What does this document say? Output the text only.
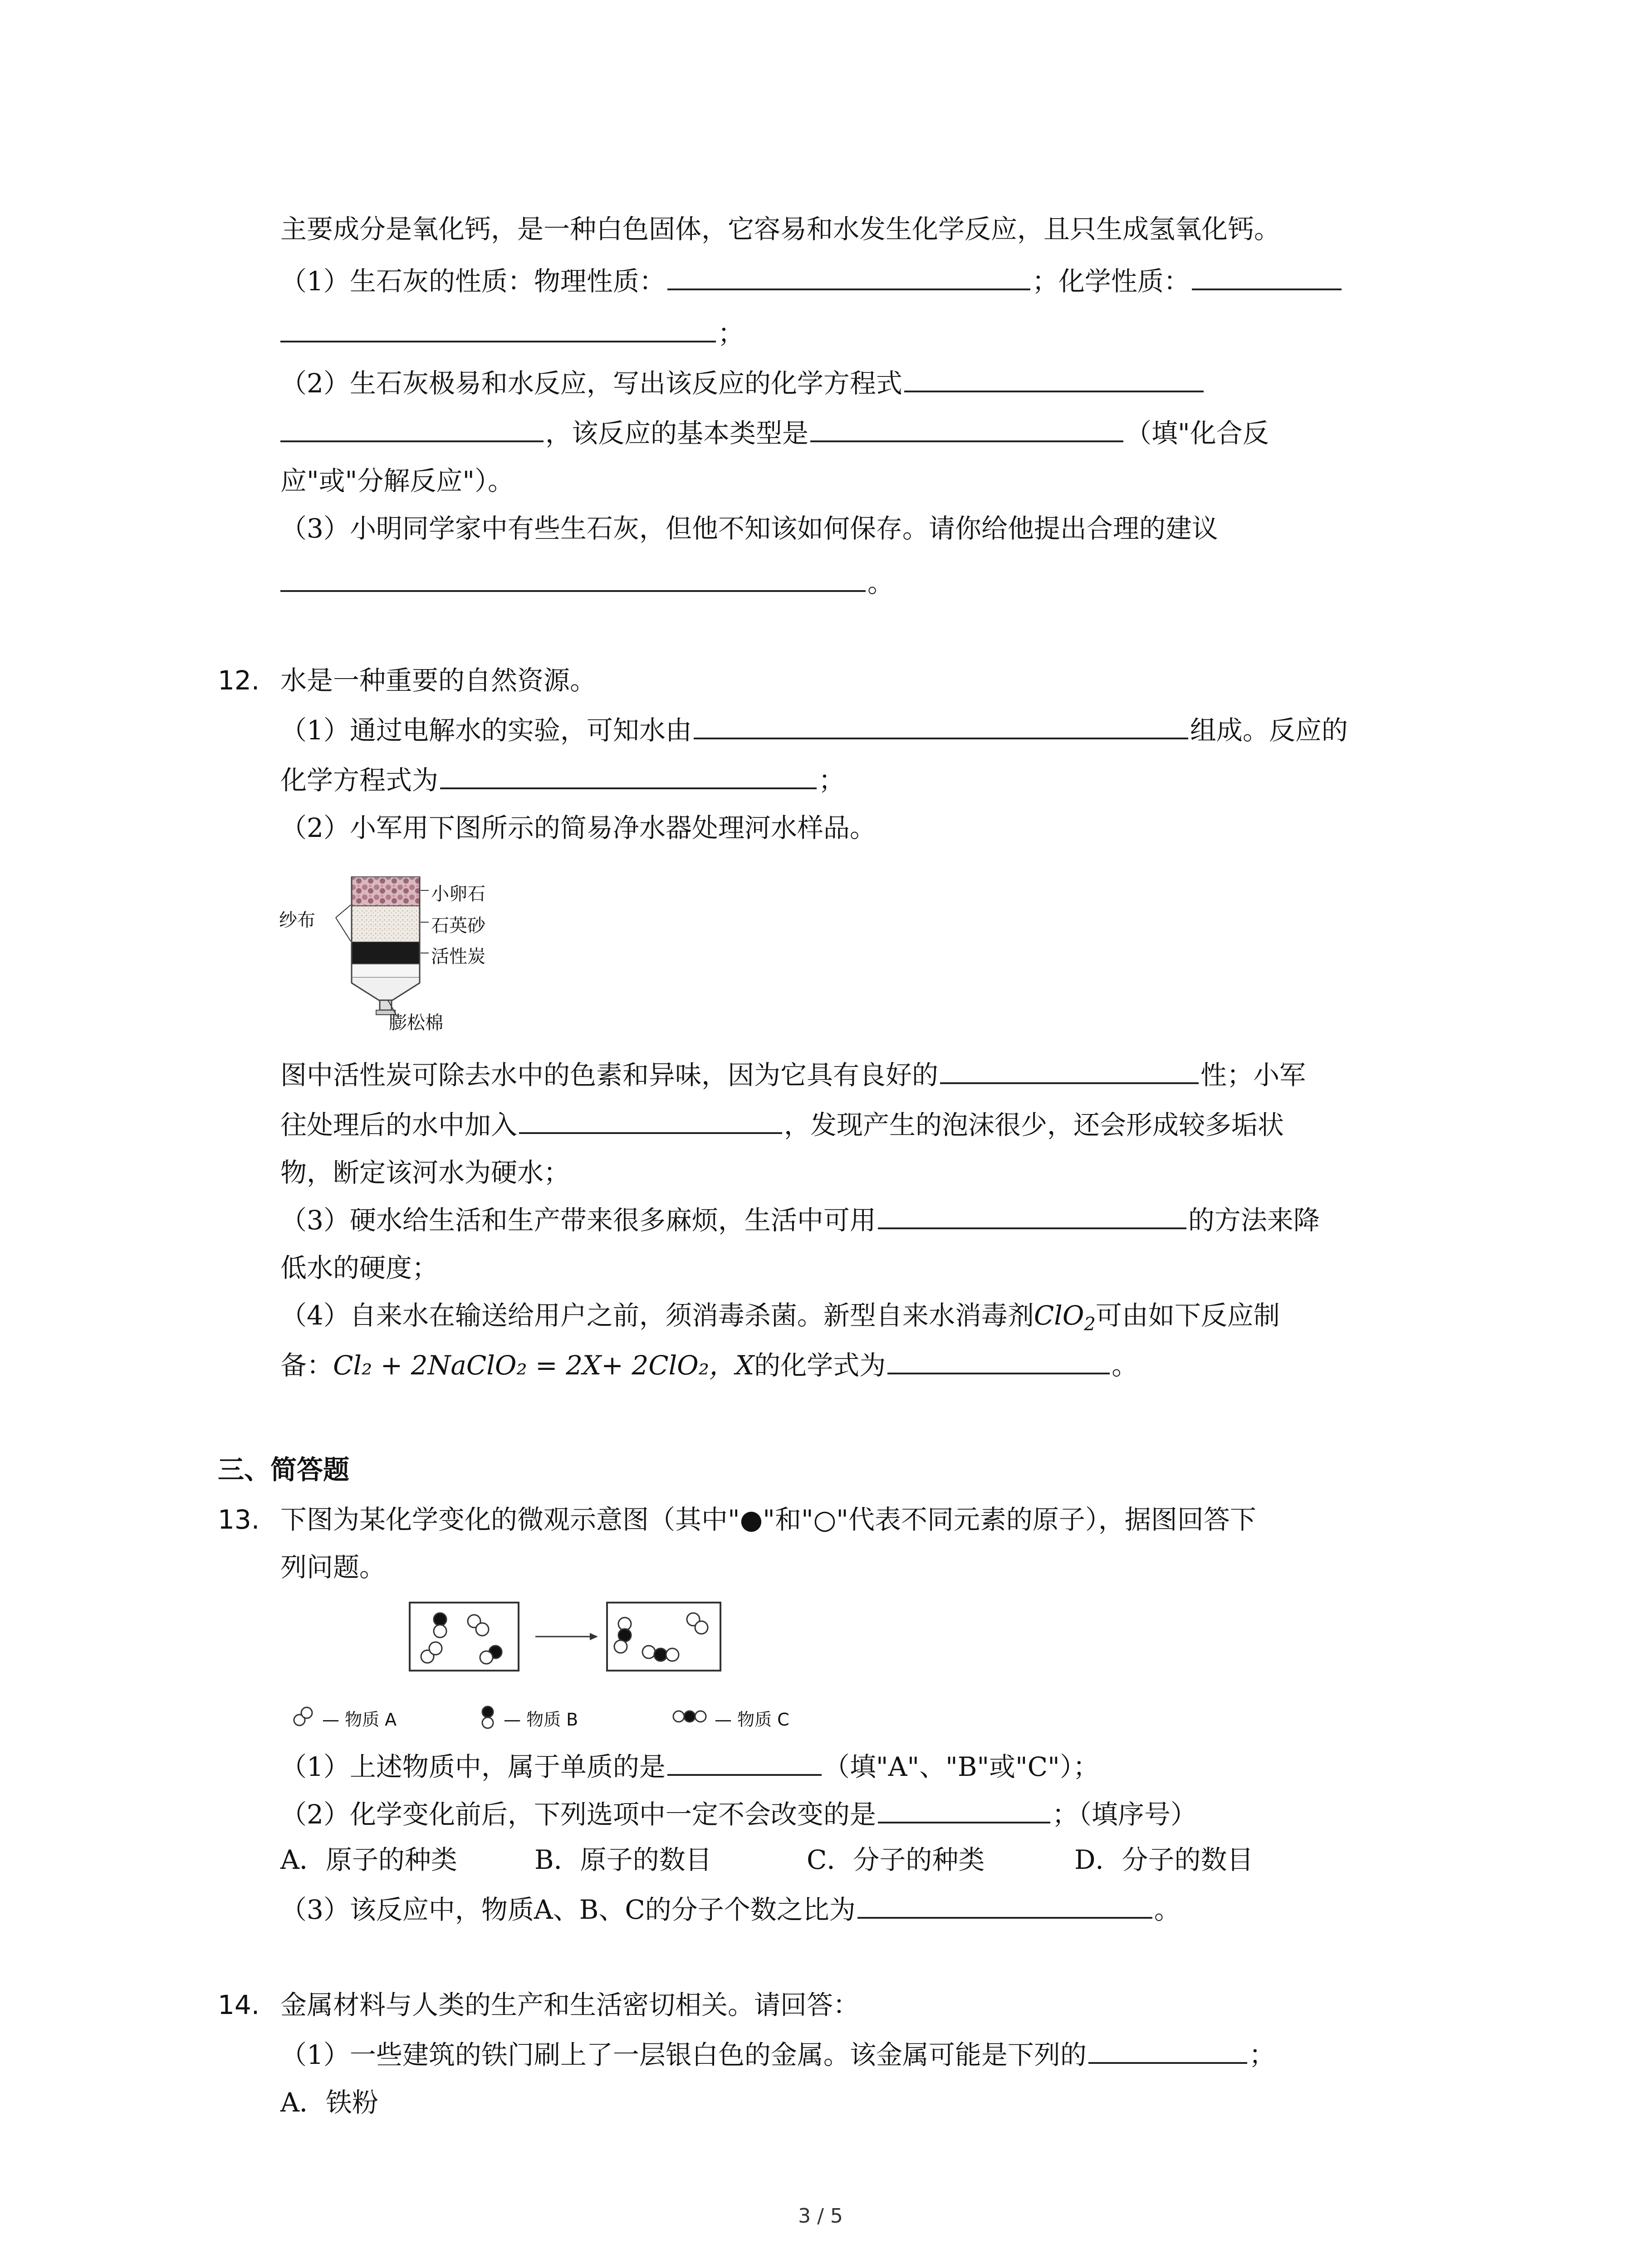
主要成分是氧化钙，是一种白色固体，它容易和水发生化学反应，且只生成氢氧化钙。
（1）生石灰的性质：物理性质：	；化学性质：
；
（2）生石灰极易和水反应，写出该反应的化学方程式
，该反应的基本类型是	（填"化合反
应"或"分解反应"）。
（3）小明同学家中有些生石灰，但他不知该如何保存。请你给他提出合理的建议
。
12. 水是一种重要的自然资源。
（1）通过电解水的实验，可知水由	组成。反应的
化学方程式为	；
（2）小军用下图所示的简易净水器处理河水样品。
纱布
小卵石
石英砂
活性炭
膨松棉
图中活性炭可除去水中的色素和异味，因为它具有良好的	性；小军
往处理后的水中加入	，发现产生的泡沫很少，还会形成较多垢状
物，断定该河水为硬水；
（3）硬水给生活和生产带来很多麻烦，生活中可用	的方法来降
低水的硬度；
（4）自来水在输送给用户之前，须消毒杀菌。新型自来水消毒剂ClO$_2$可由如下反应制
备：Cl₂ + 2NaClO₂ = 2X+ 2ClO₂，X的化学式为	。
三、简答题
13. 下图为某化学变化的微观示意图（其中"●"和"○"代表不同元素的原子），据图回答下
列问题。
— 物质 A	— 物质 B	— 物质 C
（1）上述物质中，属于单质的是	（填"A"、"B"或"C"）；
（2）化学变化前后，下列选项中一定不会改变的是	；（填序号）
A．原子的种类	B．原子的数目	C．分子的种类	D．分子的数目
（3）该反应中，物质A、B、C的分子个数之比为	。
14. 金属材料与人类的生产和生活密切相关。请回答：
（1）一些建筑的铁门刷上了一层银白色的金属。该金属可能是下列的	；
A．铁粉
3 / 5
